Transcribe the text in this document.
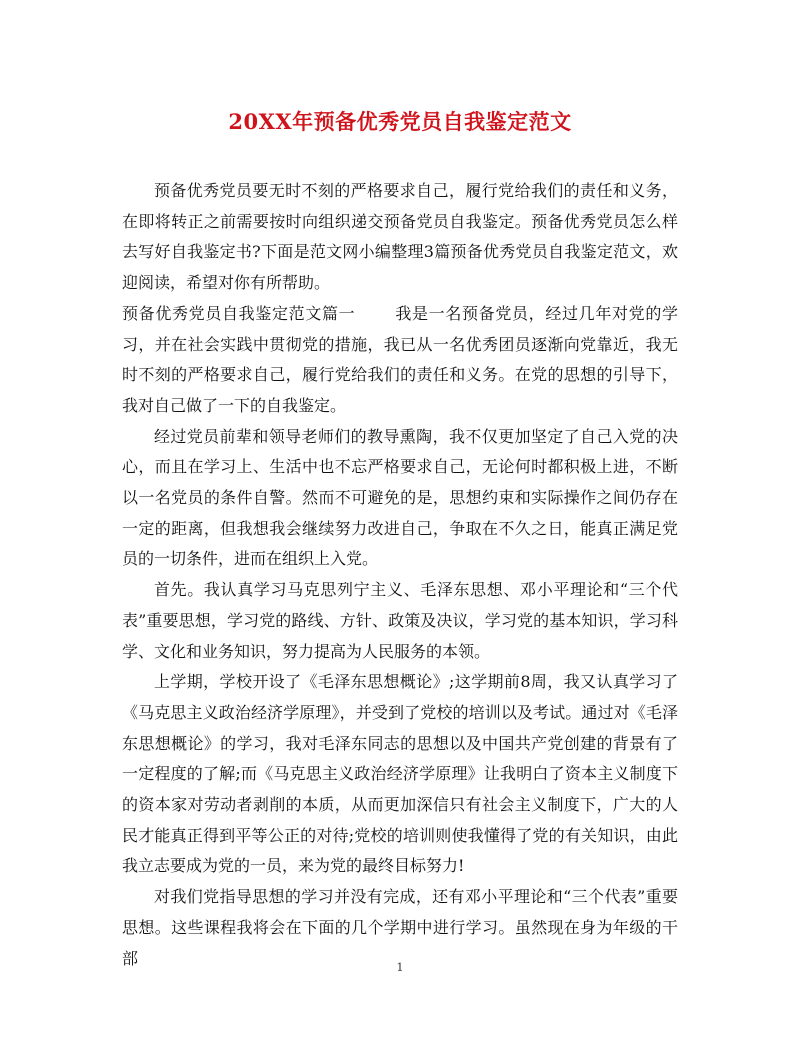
20XX年预备优秀党员自我鉴定范文

预备优秀党员要无时不刻的严格要求自己，履行党给我们的责任和义务，在即将转正之前需要按时向组织递交预备党员自我鉴定。预备优秀党员怎么样去写好自我鉴定书?下面是范文网小编整理3篇预备优秀党员自我鉴定范文，欢迎阅读，希望对你有所帮助。

预备优秀党员自我鉴定范文篇一	我是一名预备党员，经过几年对党的学习，并在社会实践中贯彻党的措施，我已从一名优秀团员逐渐向党靠近，我无时不刻的严格要求自己，履行党给我们的责任和义务。在党的思想的引导下，我对自己做了一下的自我鉴定。

经过党员前辈和领导老师们的教导熏陶，我不仅更加坚定了自己入党的决心，而且在学习上、生活中也不忘严格要求自己，无论何时都积极上进，不断以一名党员的条件自警。然而不可避免的是，思想约束和实际操作之间仍存在一定的距离，但我想我会继续努力改进自己，争取在不久之日，能真正满足党员的一切条件，进而在组织上入党。

首先。我认真学习马克思列宁主义、毛泽东思想、邓小平理论和“三个代表”重要思想，学习党的路线、方针、政策及决议，学习党的基本知识，学习科学、文化和业务知识，努力提高为人民服务的本领。

上学期，学校开设了《毛泽东思想概论》;这学期前8周，我又认真学习了《马克思主义政治经济学原理》，并受到了党校的培训以及考试。通过对《毛泽东思想概论》的学习，我对毛泽东同志的思想以及中国共产党创建的背景有了一定程度的了解;而《马克思主义政治经济学原理》让我明白了资本主义制度下的资本家对劳动者剥削的本质，从而更加深信只有社会主义制度下，广大的人民才能真正得到平等公正的对待;党校的培训则使我懂得了党的有关知识，由此我立志要成为党的一员，来为党的最终目标努力!

对我们党指导思想的学习并没有完成，还有邓小平理论和“三个代表”重要思想。这些课程我将会在下面的几个学期中进行学习。虽然现在身为年级的干部	1
